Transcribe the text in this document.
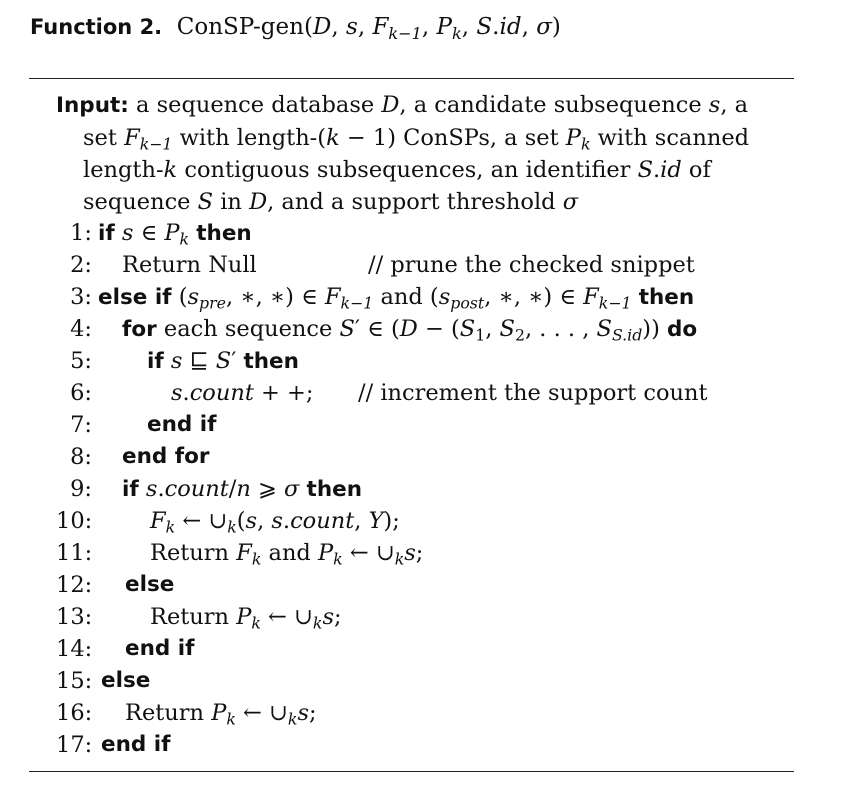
Function 2.  ConSP-gen(D, s, $F_{k-1}$, $P_k$, S.id, σ)
Input: a sequence database D, a candidate subsequence s, a
set $F_{k-1}$ with length-(k − 1) ConSPs, a set $P_k$ with scanned
length-k contiguous subsequences, an identifier S.id of
sequence S in D, and a support threshold σ
1: if s ∈ $P_k$ then
2: Return Null	// prune the checked snippet
3: else if ($s_{pre}$, ∗, ∗) ∈ $F_{k-1}$ and ($s_{post}$, ∗, ∗) ∈ $F_{k-1}$ then
4: for each sequence S′ ∈ ($D - (S_1$, $S_2$, . . . , $S_{S.id}$)) do
5:	if s ⊑ S′ then
6:	s.count + +; // increment the support count
7:	end if
8: end for
9: if s.count/n ⩾ σ then
10:	$F_k$ ← $\cup_k(s$, s.count, Y);
11:	Return $F_k$ and $P_k$ ← $\cup_ks$;
12: else
13:	Return $P_k$ ← $\cup_ks$;
14: end if
15: else
16: Return $P_k$ ← $\cup_ks$;
17: end if
